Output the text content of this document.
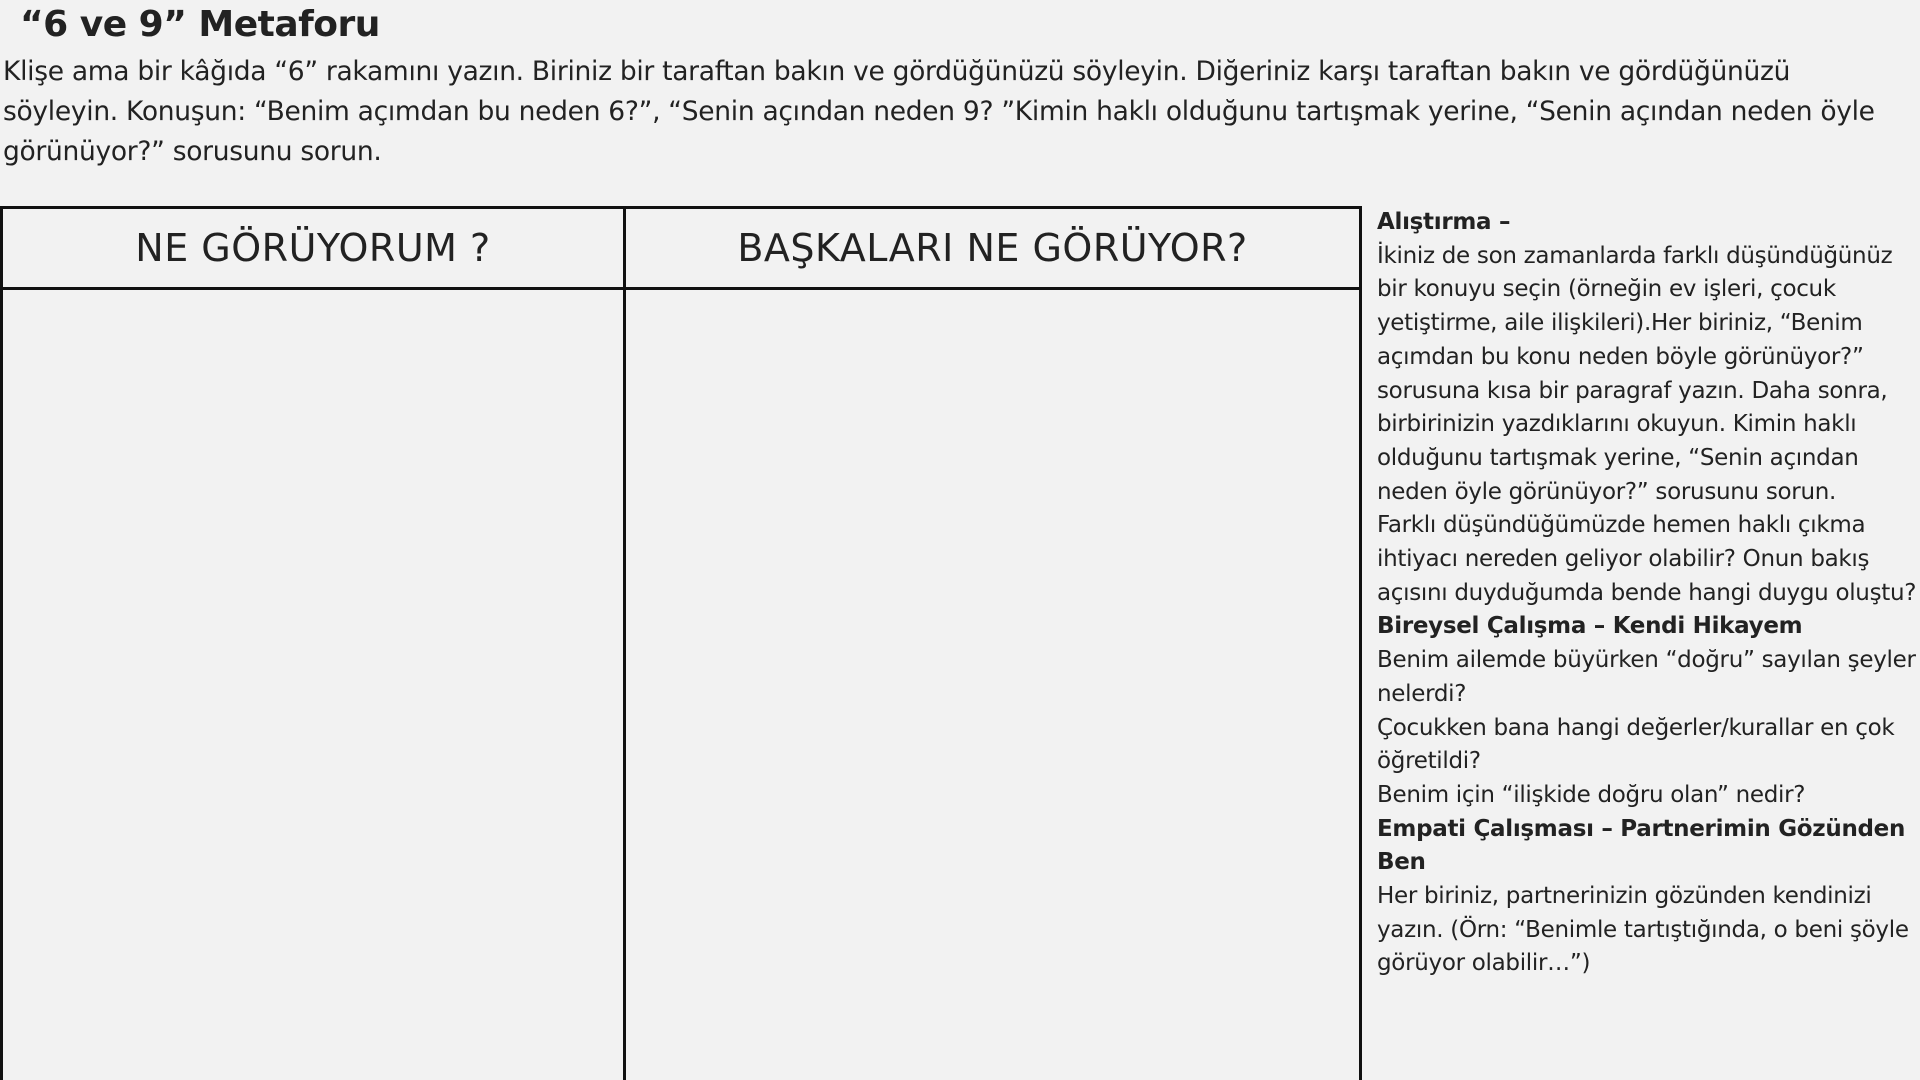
“6 ve 9” Metaforu

Klişe ama bir kâğıda “6” rakamını yazın. Biriniz bir taraftan bakın ve gördüğünüzü söyleyin. Diğeriniz karşı taraftan bakın ve gördüğünüzü söyleyin. Konuşun: “Benim açımdan bu neden 6?”, “Senin açından neden 9? ”Kimin haklı olduğunu tartışmak yerine, “Senin açından neden öyle görünüyor?” sorusunu sorun.

NE GÖRÜYORUM ?	BAŞKALARI NE GÖRÜYOR?

Alıştırma –

İkiniz de son zamanlarda farklı düşündüğünüz bir konuyu seçin (örneğin ev işleri, çocuk yetiştirme, aile ilişkileri).Her biriniz, “Benim açımdan bu konu neden böyle görünüyor?” sorusuna kısa bir paragraf yazın. Daha sonra, birbirinizin yazdıklarını okuyun. Kimin haklı olduğunu tartışmak yerine, “Senin açından neden öyle görünüyor?” sorusunu sorun.

Farklı düşündüğümüzde hemen haklı çıkma ihtiyacı nereden geliyor olabilir? Onun bakış açısını duyduğumda bende hangi duygu oluştu?

Bireysel Çalışma – Kendi Hikayem

Benim ailemde büyürken “doğru” sayılan şeyler nelerdi?

Çocukken bana hangi değerler/kurallar en çok öğretildi?

Benim için “ilişkide doğru olan” nedir?

Empati Çalışması – Partnerimin Gözünden Ben

Her biriniz, partnerinizin gözünden kendinizi yazın. (Örn: “Benimle tartıştığında, o beni şöyle görüyor olabilir…”)
